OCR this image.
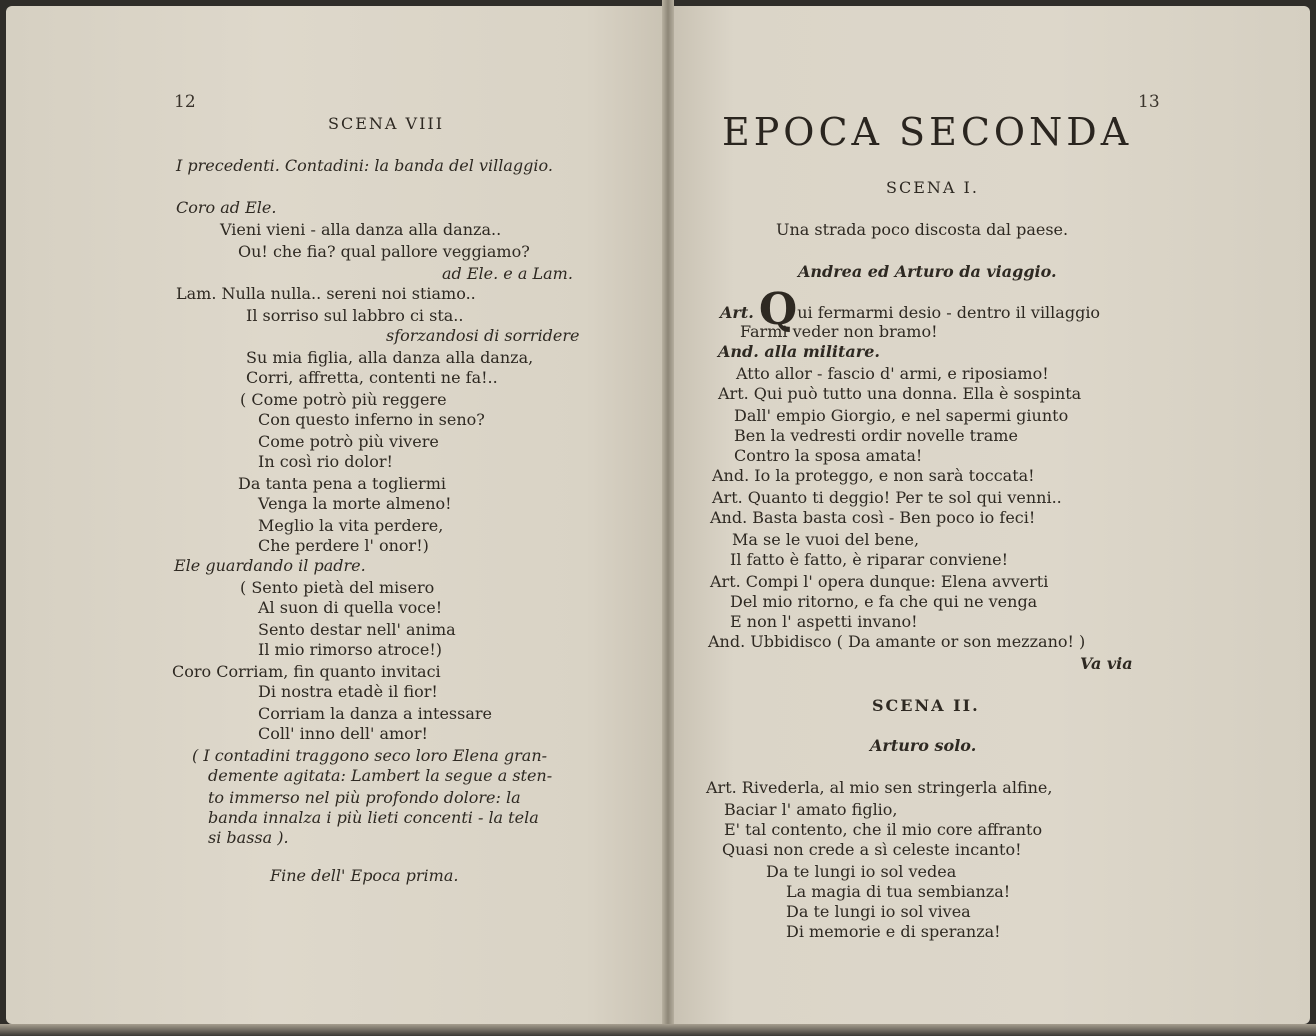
12
SCENA VIII
I precedenti. Contadini: la banda del villaggio.
Coro ad Ele.
Vieni vieni - alla danza alla danza..
Ou! che fia? qual pallore veggiamo?
ad Ele. e a Lam.
Lam. Nulla nulla.. sereni noi stiamo..
Il sorriso sul labbro ci sta..
sforzandosi di sorridere
Su mia figlia, alla danza alla danza,
Corri, affretta, contenti ne fa!..
( Come potrò più reggere
Con questo inferno in seno?
Come potrò più vivere
In così rio dolor!
Da tanta pena a togliermi
Venga la morte almeno!
Meglio la vita perdere,
Che perdere l' onor!)
Ele guardando il padre.
( Sento pietà del misero
Al suon di quella voce!
Sento destar nell' anima
Il mio rimorso atroce!)
Coro Corriam, fin quanto invitaci
Di nostra etadè il fior!
Corriam la danza a intessare
Coll' inno dell' amor!
( I contadini traggono seco loro Elena gran-
demente agitata: Lambert la segue a sten-
to immerso nel più profondo dolore: la
banda innalza i più lieti concenti - la tela
si bassa ).
Fine dell' Epoca prima.
13
EPOCA SECONDA
SCENA I.
Una strada poco discosta dal paese.
Andrea ed Arturo da viaggio.
Art. Qui fermarmi desio - dentro il villaggio
Farmi veder non bramo!
And. alla militare.
Atto allor - fascio d' armi, e riposiamo!
Art. Qui può tutto una donna. Ella è sospinta
Dall' empio Giorgio, e nel sapermi giunto
Ben la vedresti ordir novelle trame
Contro la sposa amata!
And. Io la proteggo, e non sarà toccata!
Art. Quanto ti deggio! Per te sol qui venni..
And. Basta basta così - Ben poco io feci!
Ma se le vuoi del bene,
Il fatto è fatto, è riparar conviene!
Art. Compi l' opera dunque: Elena avverti
Del mio ritorno, e fa che qui ne venga
E non l' aspetti invano!
And. Ubbidisco ( Da amante or son mezzano! )
Va via
SCENA II.
Arturo solo.
Art. Rivederla, al mio sen stringerla alfine,
Baciar l' amato figlio,
E' tal contento, che il mio core affranto
Quasi non crede a sì celeste incanto!
Da te lungi io sol vedea
La magia di tua sembianza!
Da te lungi io sol vivea
Di memorie e di speranza!
